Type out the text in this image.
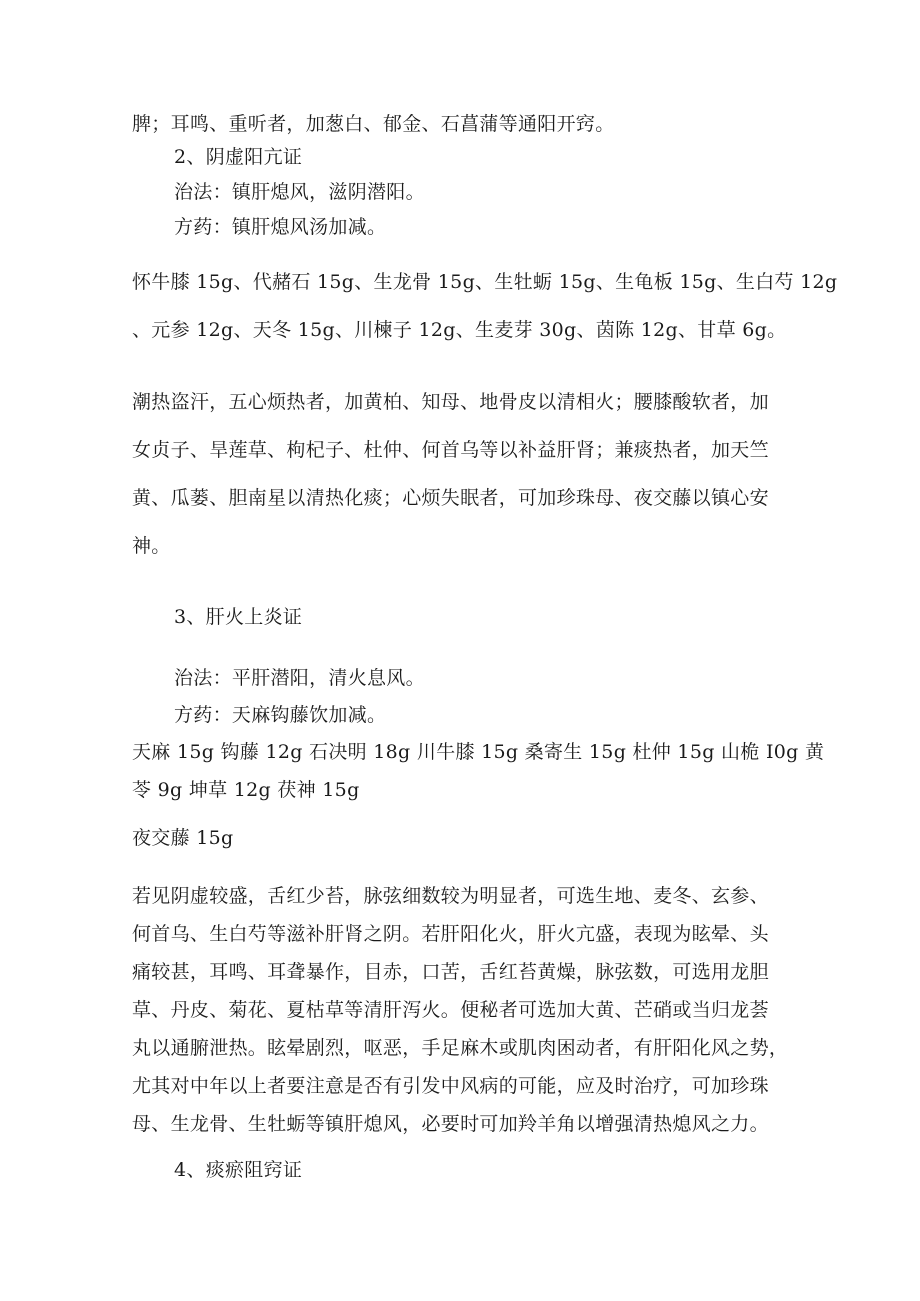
脾；耳鸣、重听者，加葱白、郁金、石菖蒲等通阳开窍。
2、阴虚阳亢证
治法：镇肝熄风，滋阴潜阳。
方药：镇肝熄风汤加减。
怀牛膝 15g、代赭石 15g、生龙骨 15g、生牡蛎 15g、生龟板 15g、生白芍 12g
、元参 12g、天冬 15g、川楝子 12g、生麦芽 30g、茵陈 12g、甘草 6g。
潮热盗汗，五心烦热者，加黄柏、知母、地骨皮以清相火；腰膝酸软者，加
女贞子、旱莲草、枸杞子、杜仲、何首乌等以补益肝肾；兼痰热者，加天竺
黄、瓜蒌、胆南星以清热化痰；心烦失眠者，可加珍珠母、夜交藤以镇心安
神。
3、肝火上炎证
治法：平肝潜阳，清火息风。
方药：天麻钩藤饮加减。
天麻 15g 钩藤 12g 石决明 18g 川牛膝 15g 桑寄生 15g 杜仲 15g 山桅 I0g 黄
苓 9g 坤草 12g 茯神 15g
夜交藤 15g
若见阴虚较盛，舌红少苔，脉弦细数较为明显者，可选生地、麦冬、玄参、
何首乌、生白芍等滋补肝肾之阴。若肝阳化火，肝火亢盛，表现为眩晕、头
痛较甚，耳鸣、耳聋暴作，目赤，口苦，舌红苔黄燥，脉弦数，可选用龙胆
草、丹皮、菊花、夏枯草等清肝泻火。便秘者可选加大黄、芒硝或当归龙荟
丸以通腑泄热。眩晕剧烈，呕恶，手足麻木或肌肉困动者，有肝阳化风之势，
尤其对中年以上者要注意是否有引发中风病的可能，应及时治疗，可加珍珠
母、生龙骨、生牡蛎等镇肝熄风，必要时可加羚羊角以增强清热熄风之力。
4、痰瘀阻窍证
